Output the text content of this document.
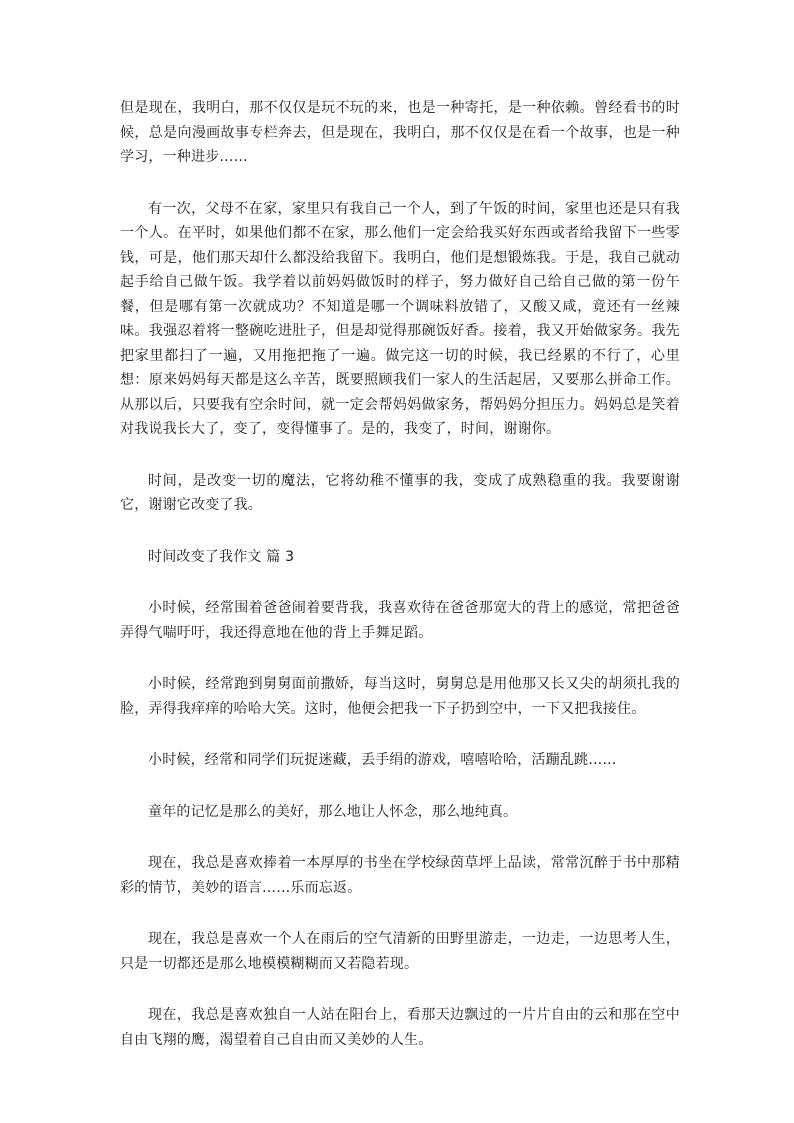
但是现在，我明白，那不仅仅是玩不玩的来，也是一种寄托，是一种依赖。曾经看书的时候，总是向漫画故事专栏奔去，但是现在，我明白，那不仅仅是在看一个故事，也是一种学习，一种进步……

有一次，父母不在家，家里只有我自己一个人，到了午饭的时间，家里也还是只有我一个人。在平时，如果他们都不在家，那么他们一定会给我买好东西或者给我留下一些零钱，可是，他们那天却什么都没给我留下。我明白，他们是想锻炼我。于是，我自己就动起手给自己做午饭。我学着以前妈妈做饭时的样子，努力做好自己给自己做的第一份午餐，但是哪有第一次就成功？不知道是哪一个调味料放错了，又酸又咸，竟还有一丝辣味。我强忍着将一整碗吃进肚子，但是却觉得那碗饭好香。接着，我又开始做家务。我先把家里都扫了一遍，又用拖把拖了一遍。做完这一切的时候，我已经累的不行了，心里想：原来妈妈每天都是这么辛苦，既要照顾我们一家人的生活起居，又要那么拼命工作。从那以后，只要我有空余时间，就一定会帮妈妈做家务，帮妈妈分担压力。妈妈总是笑着对我说我长大了，变了，变得懂事了。是的，我变了，时间，谢谢你。

时间，是改变一切的魔法，它将幼稚不懂事的我，变成了成熟稳重的我。我要谢谢它，谢谢它改变了我。

时间改变了我作文 篇 3

小时候，经常围着爸爸闹着要背我，我喜欢待在爸爸那宽大的背上的感觉，常把爸爸弄得气喘吁吁，我还得意地在他的背上手舞足蹈。

小时候，经常跑到舅舅面前撒娇，每当这时，舅舅总是用他那又长又尖的胡须扎我的脸，弄得我痒痒的哈哈大笑。这时，他便会把我一下子扔到空中，一下又把我接住。

小时候，经常和同学们玩捉迷藏，丢手绢的游戏，嘻嘻哈哈，活蹦乱跳……

童年的记忆是那么的美好，那么地让人怀念，那么地纯真。

现在，我总是喜欢捧着一本厚厚的书坐在学校绿茵草坪上品读，常常沉醉于书中那精彩的情节，美妙的语言……乐而忘返。

现在，我总是喜欢一个人在雨后的空气清新的田野里游走，一边走，一边思考人生，只是一切都还是那么地模模糊糊而又若隐若现。

现在，我总是喜欢独自一人站在阳台上，看那天边飘过的一片片自由的云和那在空中自由飞翔的鹰，渴望着自己自由而又美妙的人生。
